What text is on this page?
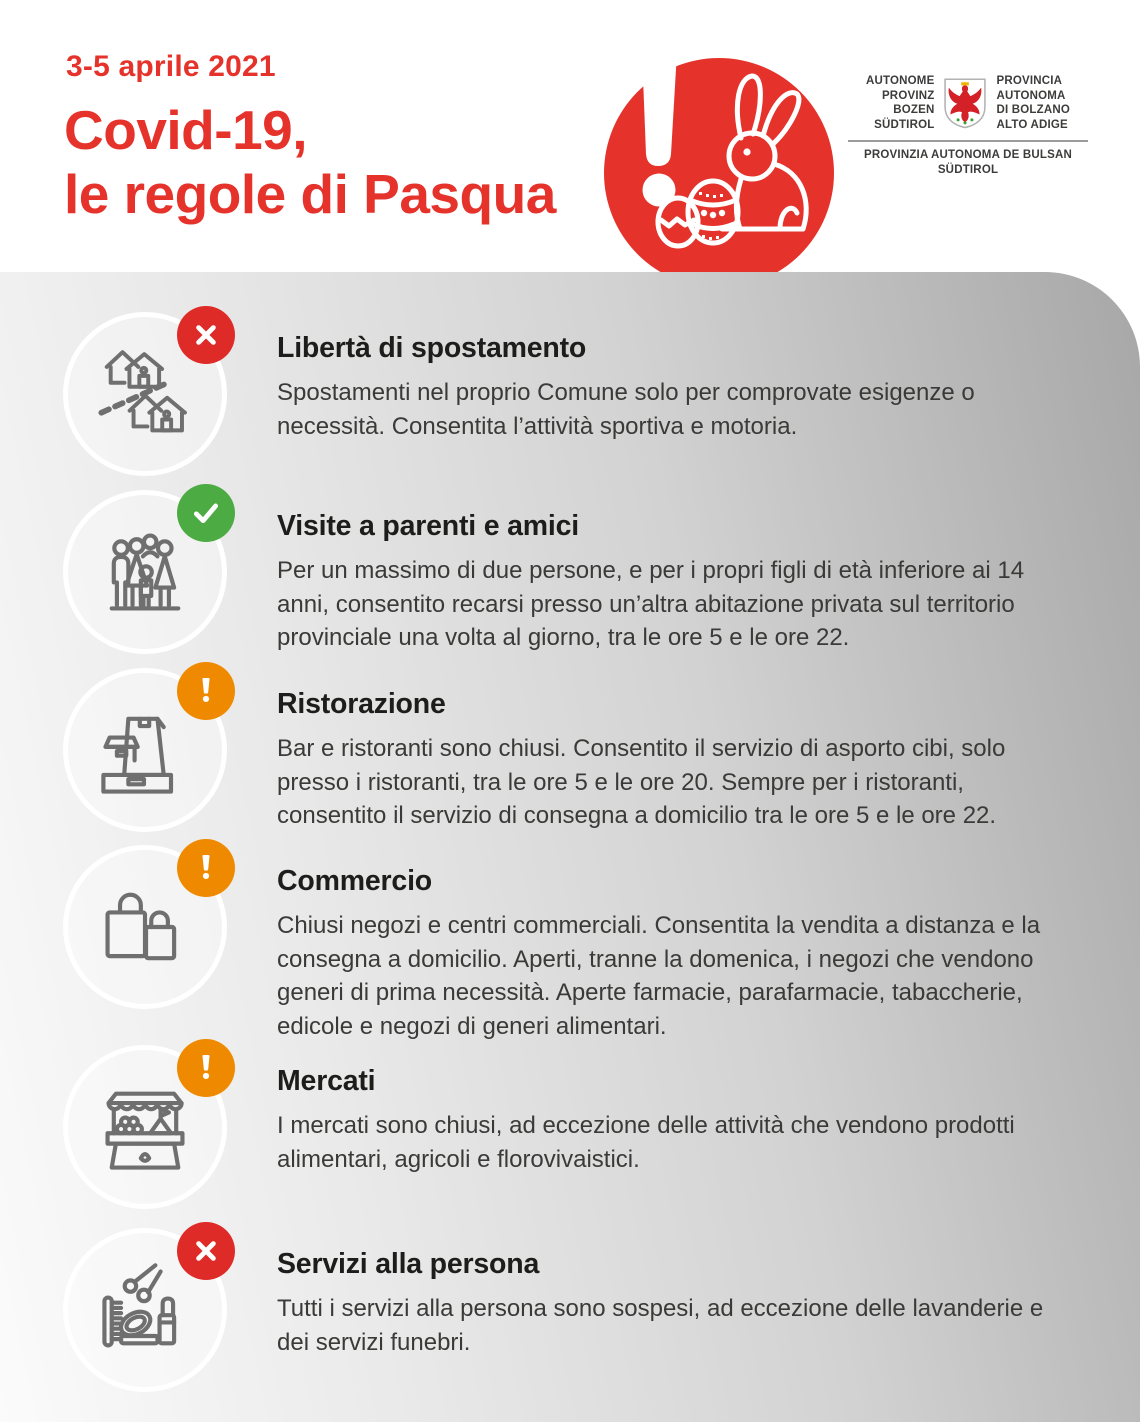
3-5 aprile 2021
Covid-19,
le regole di Pasqua
AUTONOME
PROVINZ
BOZEN
SÜDTIROL
PROVINCIA
AUTONOMA
DI BOLZANO
ALTO ADIGE
PROVINZIA AUTONOMA DE BULSAN
SÜDTIROL
Libertà di spostamento
Spostamenti nel proprio Comune solo per comprovate esigenze o necessità. Consentita l’attività sportiva e motoria.
Visite a parenti e amici
Per un massimo di due persone, e per i propri figli di età inferiore ai 14 anni, consentito recarsi presso un’altra abitazione privata sul territorio provinciale una volta al giorno, tra le ore 5 e le ore 22.
Ristorazione
Bar e ristoranti sono chiusi. Consentito il servizio di asporto cibi, solo presso i ristoranti, tra le ore 5 e le ore 20. Sempre per i ristoranti, consentito il servizio di consegna a domicilio tra le ore 5 e le ore 22.
Commercio
Chiusi negozi e centri commerciali. Consentita la vendita a distanza e la consegna a domicilio. Aperti, tranne la domenica, i negozi che vendono generi di prima necessità. Aperte farmacie, parafarmacie, tabaccherie, edicole e negozi di generi alimentari.
Mercati
I mercati sono chiusi, ad eccezione delle attività che vendono prodotti alimentari, agricoli e florovivaistici.
Servizi alla persona
Tutti i servizi alla persona sono sospesi, ad eccezione delle lavanderie e dei servizi funebri.
